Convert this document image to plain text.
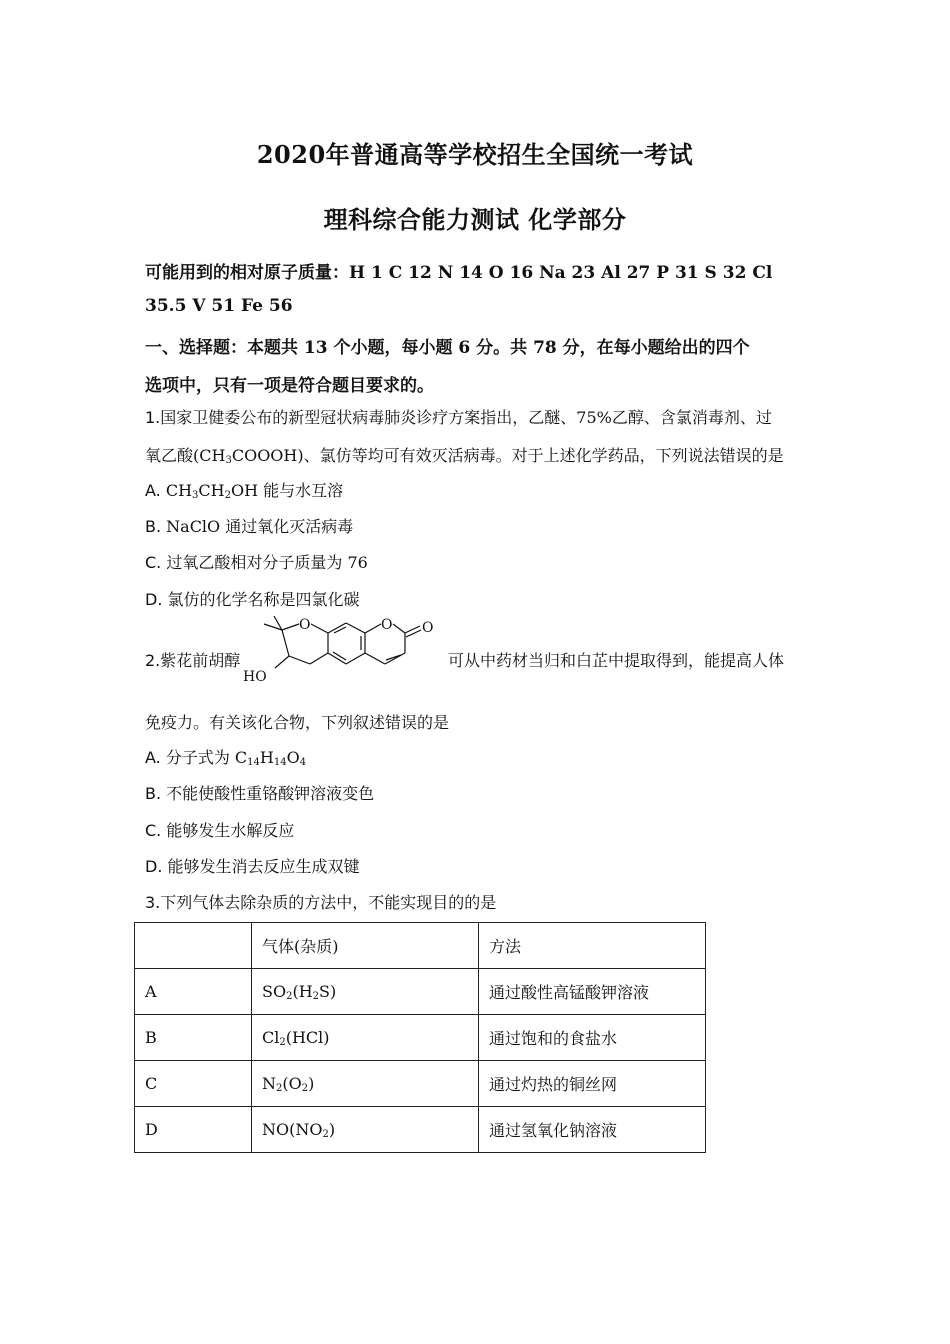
2020年普通高等学校招生全国统一考试
理科综合能力测试 化学部分
可能用到的相对原子质量：H 1 C 12 N 14 O 16 Na 23 Al 27 P 31 S 32 Cl
35.5 V 51 Fe 56
一、选择题：本题共 13 个小题，每小题 6 分。共 78 分，在每小题给出的四个
选项中，只有一项是符合题目要求的。
1.国家卫健委公布的新型冠状病毒肺炎诊疗方案指出，乙醚、75%乙醇、含氯消毒剂、过
氧乙酸$(CH_3COOOH)$、氯仿等均可有效灭活病毒。对于上述化学药品，下列说法错误的是
A. $CH_3CH_2OH$ 能与水互溶
B. NaClO 通过氧化灭活病毒
C. 过氧乙酸相对分子质量为 76
D. 氯仿的化学名称是四氯化碳
2.紫花前胡醇
O	O O
HO
可从中药材当归和白芷中提取得到，能提高人体
免疫力。有关该化合物，下列叙述错误的是
A. 分子式为 $C_{14}H_{14}O_4$
B. 不能使酸性重铬酸钾溶液变色
C. 能够发生水解反应
D. 能够发生消去反应生成双键
3.下列气体去除杂质的方法中，不能实现目的的是
	气体(杂质)	方法
A	$SO_2(H_2S)$	通过酸性高锰酸钾溶液
B	$Cl_2(HCl)$	通过饱和的食盐水
C	$N_2(O_2)$	通过灼热的铜丝网
D	$NO(NO_2)$	通过氢氧化钠溶液
